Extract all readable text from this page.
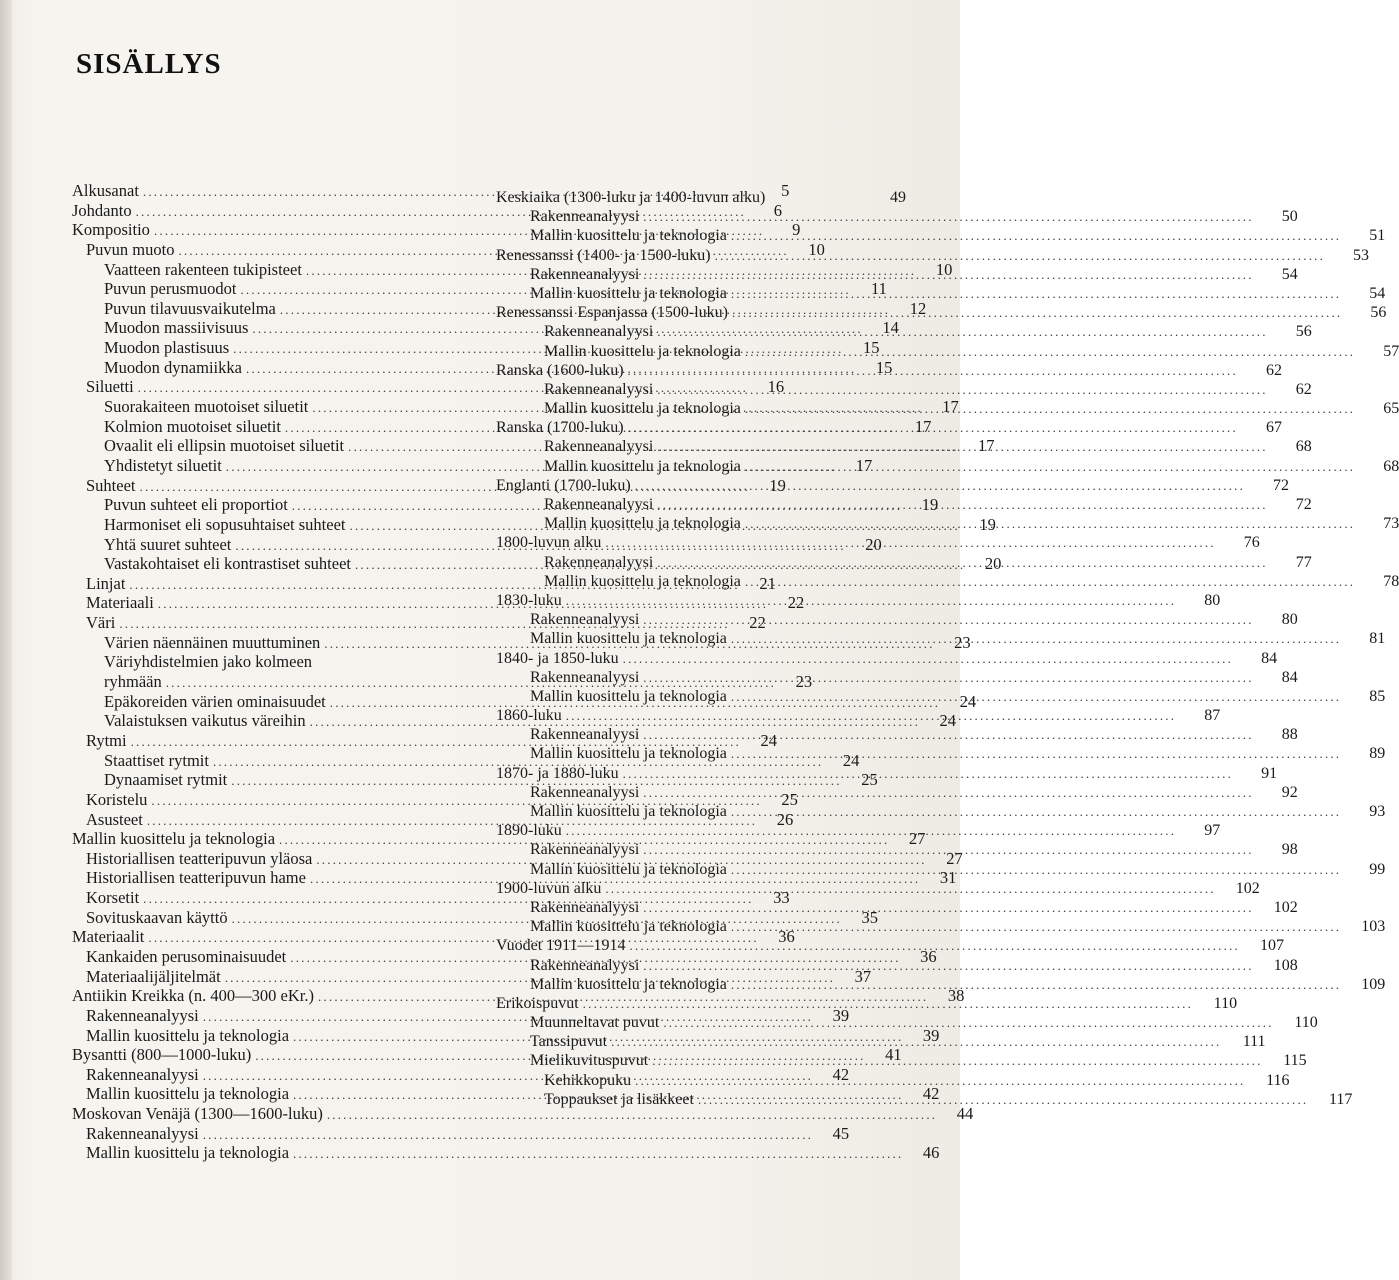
SISÄLLYS
Alkusanat .....	5
Johdanto .....	6
Kompositio .....	9
Puvun muoto .....	10
Vaatteen rakenteen tukipisteet .....	10
Puvun perusmuodot .....	11
Puvun tilavuusvaikutelma .....	12
Muodon massiivisuus .....	14
Muodon plastisuus .....	15
Muodon dynamiikka .....	15
Siluetti .....	16
Suorakaiteen muotoiset siluetit .....	17
Kolmion muotoiset siluetit .....	17
Ovaalit eli ellipsin muotoiset siluetit .....	17
Yhdistetyt siluetit .....	17
Suhteet .....	19
Puvun suhteet eli proportiot .....	19
Harmoniset eli sopusuhtaiset suhteet .....	19
Yhtä suuret suhteet .....	20
Vastakohtaiset eli kontrastiset suhteet .....	20
Linjat .....	21
Materiaali .....	22
Väri .....	22
Värien näennäinen muuttuminen .....	23
Väriyhdistelmien jako kolmeen
ryhmään .....	23
Epäkoreiden värien ominaisuudet .....	24
Valaistuksen vaikutus väreihin .....	24
Rytmi .....	24
Staattiset rytmit .....	24
Dynaamiset rytmit .....	25
Koristelu .....	25
Asusteet .....	26
Mallin kuosittelu ja teknologia .....	27
Historiallisen teatteripuvun yläosa .....	27
Historiallisen teatteripuvun hame .....	31
Korsetit .....	33
Sovituskaavan käyttö .....	35
Materiaalit .....	36
Kankaiden perusominaisuudet .....	36
Materiaalijäljitelmät .....	37
Antiikin Kreikka (n. 400—300 eKr.) .....	38
Rakenneanalyysi .....	39
Mallin kuosittelu ja teknologia .....	39
Bysantti (800—1000-luku) .....	41
Rakenneanalyysi .....	42
Mallin kuosittelu ja teknologia .....	42
Moskovan Venäjä (1300—1600-luku) .....	44
Rakenneanalyysi .....	45
Mallin kuosittelu ja teknologia .....	46
Keskiaika (1300-luku ja 1400-luvun alku)	49
Rakenneanalyysi .....	50
Mallin kuosittelu ja teknologia .....	51
Renessanssi (1400- ja 1500-luku) .....	53
Rakenneanalyysi .....	54
Mallin kuosittelu ja teknologia .....	54
Renessanssi Espanjassa (1500-luku) .....	56
Rakenneanalyysi .....	56
Mallin kuosittelu ja teknologia .....	57
Ranska (1600-luku) .....	62
Rakenneanalyysi .....	62
Mallin kuosittelu ja teknologia .....	65
Ranska (1700-luku) .....	67
Rakenneanalyysi .....	68
Mallin kuosittelu ja teknologia .....	68
Englanti (1700-luku) .....	72
Rakenneanalyysi .....	72
Mallin kuosittelu ja teknologia .....	73
1800-luvun alku .....	76
Rakenneanalyysi .....	77
Mallin kuosittelu ja teknologia .....	78
1830-luku .....	80
Rakenneanalyysi .....	80
Mallin kuosittelu ja teknologia .....	81
1840- ja 1850-luku .....	84
Rakenneanalyysi .....	84
Mallin kuosittelu ja teknologia .....	85
1860-luku .....	87
Rakenneanalyysi .....	88
Mallin kuosittelu ja teknologia .....	89
1870- ja 1880-luku .....	91
Rakenneanalyysi .....	92
Mallin kuosittelu ja teknologia .....	93
1890-luku .....	97
Rakenneanalyysi .....	98
Mallin kuosittelu ja teknologia .....	99
1900-luvun alku .....	102
Rakenneanalyysi .....	102
Mallin kuosittelu ja teknologia .....	103
Vuodet 1911—1914 .....	107
Rakenneanalyysi .....	108
Mallin kuosittelu ja teknologia .....	109
Erikoispuvut .....	110
Muunneltavat puvut .....	110
Tanssipuvut .....	111
Mielikuvituspuvut .....	115
Kehikkopuku .....	116
Toppaukset ja lisäkkeet .....	117
